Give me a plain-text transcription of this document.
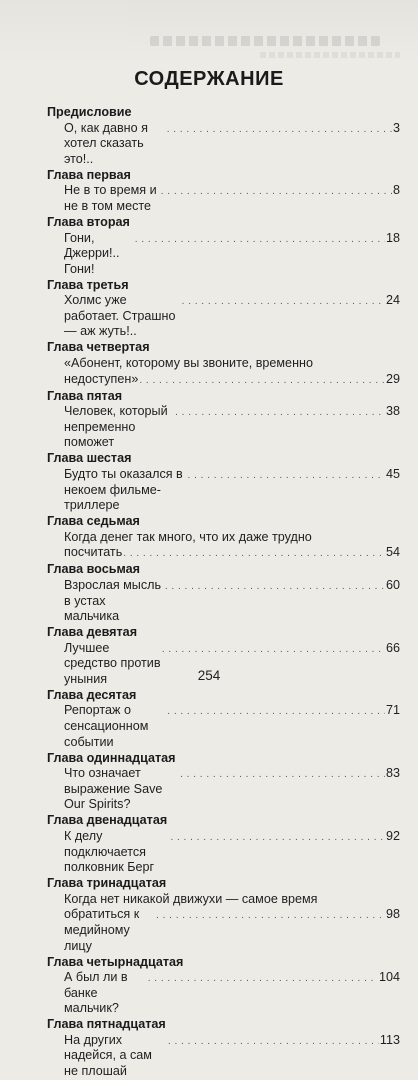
СОДЕРЖАНИЕ
Предисловие
О, как давно я хотел сказать это!..
. . .
3
Глава первая
Не в то время и не в том месте
. . .
8
Глава вторая
Гони, Джерри!.. Гони!
. . .
18
Глава третья
Холмс уже работает. Страшно — аж жуть!..
. . .
24
Глава четвертая
«Абонент, которому вы звоните, временно
недоступен» . . .	29
Глава пятая
Человек, который непременно поможет
. . .
38
Глава шестая
Будто ты оказался в некоем фильме-триллере
. . .
45
Глава седьмая
Когда денег так много, что их даже трудно
посчитать . . .	54
Глава восьмая
Взрослая мысль в устах мальчика
. . .
60
Глава девятая
Лучшее средство против уныния
. . .
66
Глава десятая
Репортаж о сенсационном событии
. . .
71
Глава одиннадцатая
Что означает выражение Save Our Spirits?
. . .
83
Глава двенадцатая
К делу подключается полковник Берг
. . .
92
Глава тринадцатая
Когда нет никакой движухи — самое время
обратиться к медийному лицу
. . .
98
Глава четырнадцатая
А был ли в банке мальчик?
. . .
104
Глава пятнадцатая
На других надейся, а сам не плошай
. . .
113
254
